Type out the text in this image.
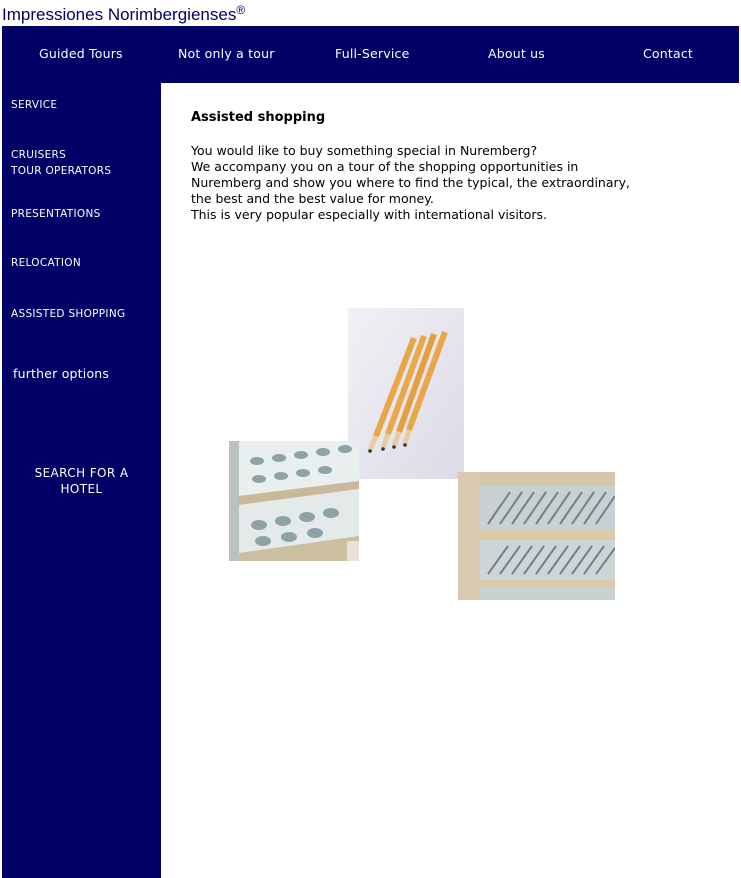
Impressiones Norimbergienses®
Guided Tours	Not only a tour	Full-Service	About us	Contact
SERVICE
CRUISERS
TOUR OPERATORS
PRESENTATIONS
RELOCATION
ASSISTED SHOPPING
further options
SEARCH FOR A
HOTEL
Assisted shopping
You would like to buy something special in Nuremberg?
We accompany you on a tour of the shopping opportunities in
Nuremberg and show you where to find the typical, the extraordinary,
the best and the best value for money.
This is very popular especially with international visitors.
